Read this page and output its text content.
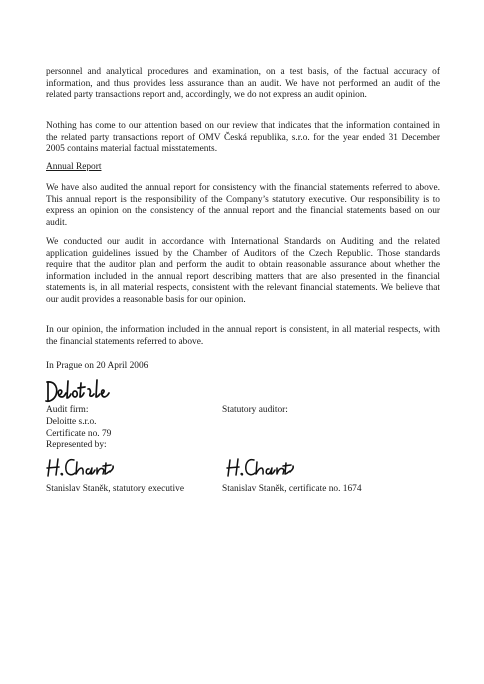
personnel and analytical procedures and examination, on a test basis, of the factual accuracy of information, and thus provides less assurance than an audit. We have not performed an audit of the related party transactions report and, accordingly, we do not express an audit opinion.

Nothing has come to our attention based on our review that indicates that the information contained in the related party transactions report of OMV Česká republika, s.r.o. for the year ended 31 December 2005 contains material factual misstatements.

Annual Report

We have also audited the annual report for consistency with the financial statements referred to above. This annual report is the responsibility of the Company’s statutory executive. Our responsibility is to express an opinion on the consistency of the annual report and the financial statements based on our audit.

We conducted our audit in accordance with International Standards on Auditing and the related application guidelines issued by the Chamber of Auditors of the Czech Republic. Those standards require that the auditor plan and perform the audit to obtain reasonable assurance about whether the information included in the annual report describing matters that are also presented in the financial statements is, in all material respects, consistent with the relevant financial statements. We believe that our audit provides a reasonable basis for our opinion.

In our opinion, the information included in the annual report is consistent, in all material respects, with the financial statements referred to above.

In Prague on 20 April 2006

Audit firm:

Deloitte s.r.o.

Certificate no. 79

Represented by:

Statutory auditor:

Stanislav Staněk, statutory executive	Stanislav Staněk, certificate no. 1674
